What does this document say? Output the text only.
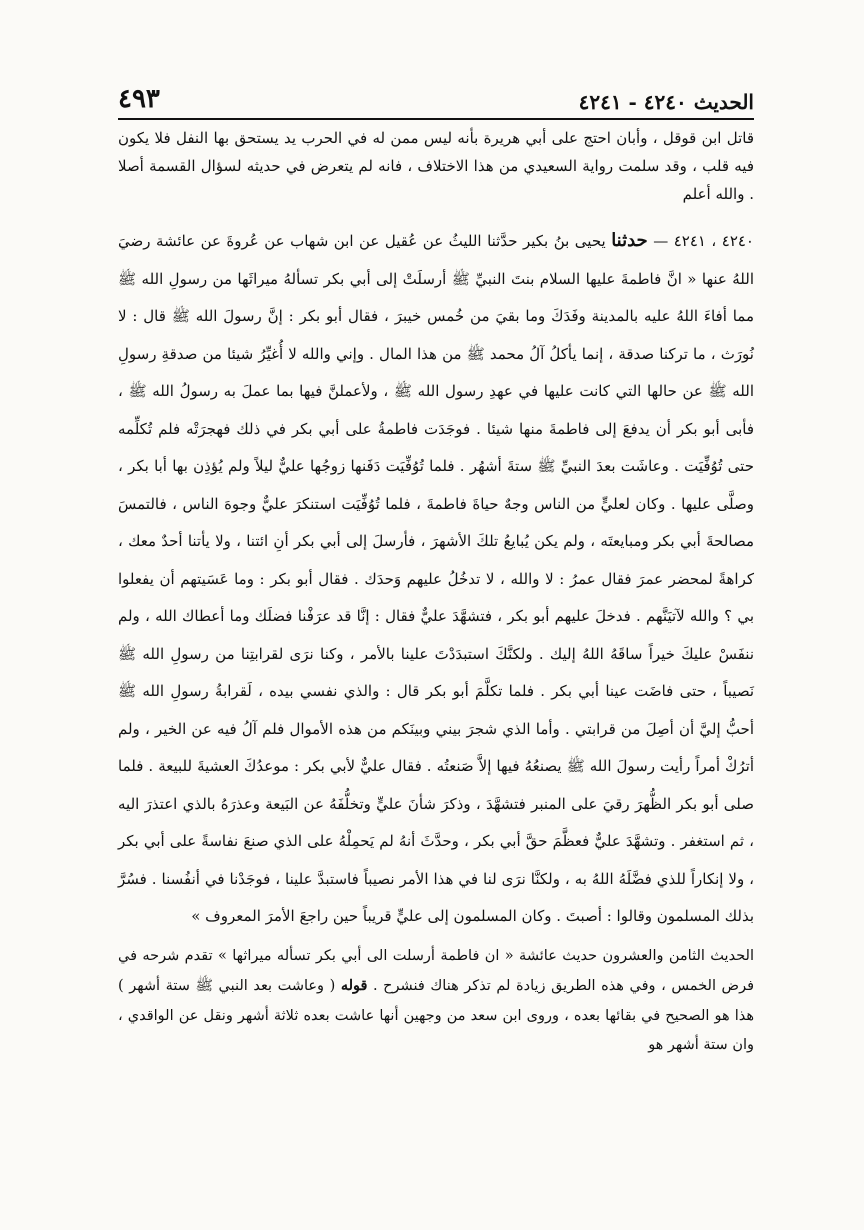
الحديث ٤٢٤٠ - ٤٢٤١
٤٩٣

قاتل ابن قوقل ، وأبان احتج على أبي هريرة بأنه ليس ممن له في الحرب يد يستحق بها النفل فلا يكون فيه قلب ، وقد سلمت رواية السعيدي من هذا الاختلاف ، فانه لم يتعرض في حديثه لسؤال القسمة أصلا . والله أعلم

٤٢٤٠ ، ٤٢٤١ — حدثنا يحيى بنُ بكير حدَّثنا الليثُ عن عُقيل عن ابن شهاب عن عُروةَ عن عائشة رضيَ اللهُ عنها « انَّ فاطمةَ عليها السلام بنتَ النبيِّ ﷺ أرسلَتْ إلى أبي بكر تسألهُ ميراثَها من رسولِ الله ﷺ مما أفاءَ اللهُ عليه بالمدينة وفَدَكَ وما بقيَ من خُمس خيبرَ ، فقال أبو بكر : إنَّ رسولَ الله ﷺ قال : لا نُورَث ، ما تركنا صدقة ، إنما يأكلُ آلُ محمد ﷺ من هذا المال . وإني والله لا أُغيِّرُ شيئا من صدقةِ رسولِ الله ﷺ عن حالها التي كانت عليها في عهدِ رسول الله ﷺ ، ولأعملنَّ فيها بما عملَ به رسولُ الله ﷺ ، فأبى أبو بكر أن يدفعَ إلى فاطمةَ منها شيئا . فوجَدَت فاطمةُ على أبي بكر في ذلك فهجرَتْه فلم تُكلِّمه حتى تُوُفِّيَت . وعاشَت بعدَ النبيِّ ﷺ ستةَ أشهُر . فلما تُوُفِّيَت دَفَنها زوجُها عليٌّ ليلاً ولم يُؤذِن بها أبا بكر ، وصلَّى عليها . وكان لعليٍّ من الناس وجهٌ حياةَ فاطمةَ ، فلما تُوُفِّيَت استنكرَ عليٌّ وجوهَ الناس ، فالتمسَ مصالحةَ أبي بكر ومبايعتَه ، ولم يكن يُبايعُ تلكَ الأشهرَ ، فأرسلَ إلى أبي بكر أنِ ائتنا ، ولا يأتنا أحدٌ معك ، كراهةً لمحضر عمرَ فقال عمرُ : لا والله ، لا تدخُلُ عليهم وَحدَك . فقال أبو بكر : وما عَسَيتهم أن يفعلوا بي ؟ والله لآتيَنَّهم . فدخلَ عليهم أبو بكر ، فتشهَّدَ عليٌّ فقال : إنَّا قد عرَفْنا فضلَك وما أعطاك الله ، ولم ننفَسْ عليكَ خيراً ساقَهُ اللهُ إليك . ولكنَّكَ استبدَدْتَ علينا بالأمر ، وكنا نرَى لقرابتِنا من رسولِ الله ﷺ نَصيباً ، حتى فاضَت عينا أبي بكر . فلما تكلَّمَ أبو بكر قال : والذي نفسي بيده ، لَقرابةُ رسولِ الله ﷺ أحبُّ إليَّ أن أصِلَ من قرابتي . وأما الذي شجرَ بيني وبينَكم من هذه الأموال فلم آلُ فيه عن الخير ، ولم أترُكْ أمراً رأيت رسولَ الله ﷺ يصنعُهُ فيها إلاَّ صَنعتُه . فقال عليٌّ لأبي بكر : موعدُكَ العشيةَ للبيعة . فلما صلى أبو بكر الظُّهرَ رقيَ على المنبر فتشهَّدَ ، وذكرَ شأنَ عليٍّ وتخلُّفَهُ عن البَيعة وعذرَهُ بالذي اعتذرَ اليه ، ثم استغفر . وتشهَّدَ عليٌّ فعظَّمَ حقَّ أبي بكر ، وحدَّثَ أنهُ لم يَحمِلْهُ على الذي صنعَ نفاسةً على أبي بكر ، ولا إنكاراً للذي فضَّلَهُ اللهُ به ، ولكنَّا نرَى لنا في هذا الأمر نصيباً فاستبدَّ علينا ، فوجَدْنا في أنفُسنا . فسُرَّ بذلك المسلمون وقالوا : أصبتَ . وكان المسلمون إلى عليٍّ قريباً حين راجعَ الأمرَ المعروف »

الحديث الثامن والعشرون حديث عائشة « ان فاطمة أرسلت الى أبي بكر تسأله ميراثها » تقدم شرحه في فرض الخمس ، وفي هذه الطريق زيادة لم تذكر هناك فنشرح . قوله ( وعاشت بعد النبي ﷺ ستة أشهر ) هذا هو الصحيح في بقائها بعده ، وروى ابن سعد من وجهين أنها عاشت بعده ثلاثة أشهر ونقل عن الواقدي ، وان ستة أشهر هو
